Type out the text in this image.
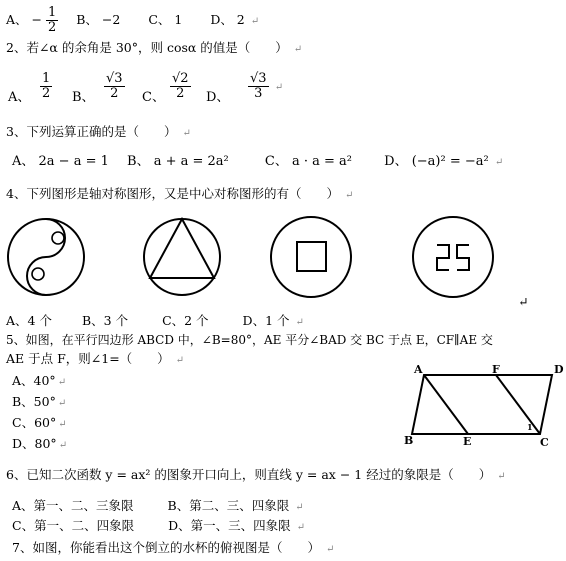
A、 − $\frac{1}{2}$ B、 −2 C、 1 D、 2 ↵
2、若∠α 的余角是 30°，则 cosα 的值是（　　） ↵
A、 $\frac{1}{2}$ B、 $\frac{√3}{2}$ C、 $\frac{√2}{2}$ D、 $\frac{√3}{3}$ ↵
3、下列运算正确的是（　　） ↵
A、 2a − a = 1 B、 a + a = 2a²	C、 a · a = a² D、 (−a)² = −a² ↵
4、下列图形是轴对称图形，又是中心对称图形的有（　　） ↵
↵
A、4 个 B、3 个	C、2 个	D、1 个 ↵
5、如图，在平行四边形 ABCD 中，∠B=80°，AE 平分∠BAD 交 BC 于点 E，CF∥AE 交
AE 于点 F，则∠1=（　　） ↵
A、40° ↵
B、50° ↵
C、60° ↵
D、80° ↵
A	F	D
B	E	C
1
6、已知二次函数 y = ax² 的图象开口向上，则直线 y = ax − 1 经过的象限是（　　） ↵
A、第一、二、三象限	B、第二、三、四象限 ↵
C、第一、二、四象限	D、第一、三、四象限 ↵
7、如图，你能看出这个倒立的水杯的俯视图是（　　） ↵
